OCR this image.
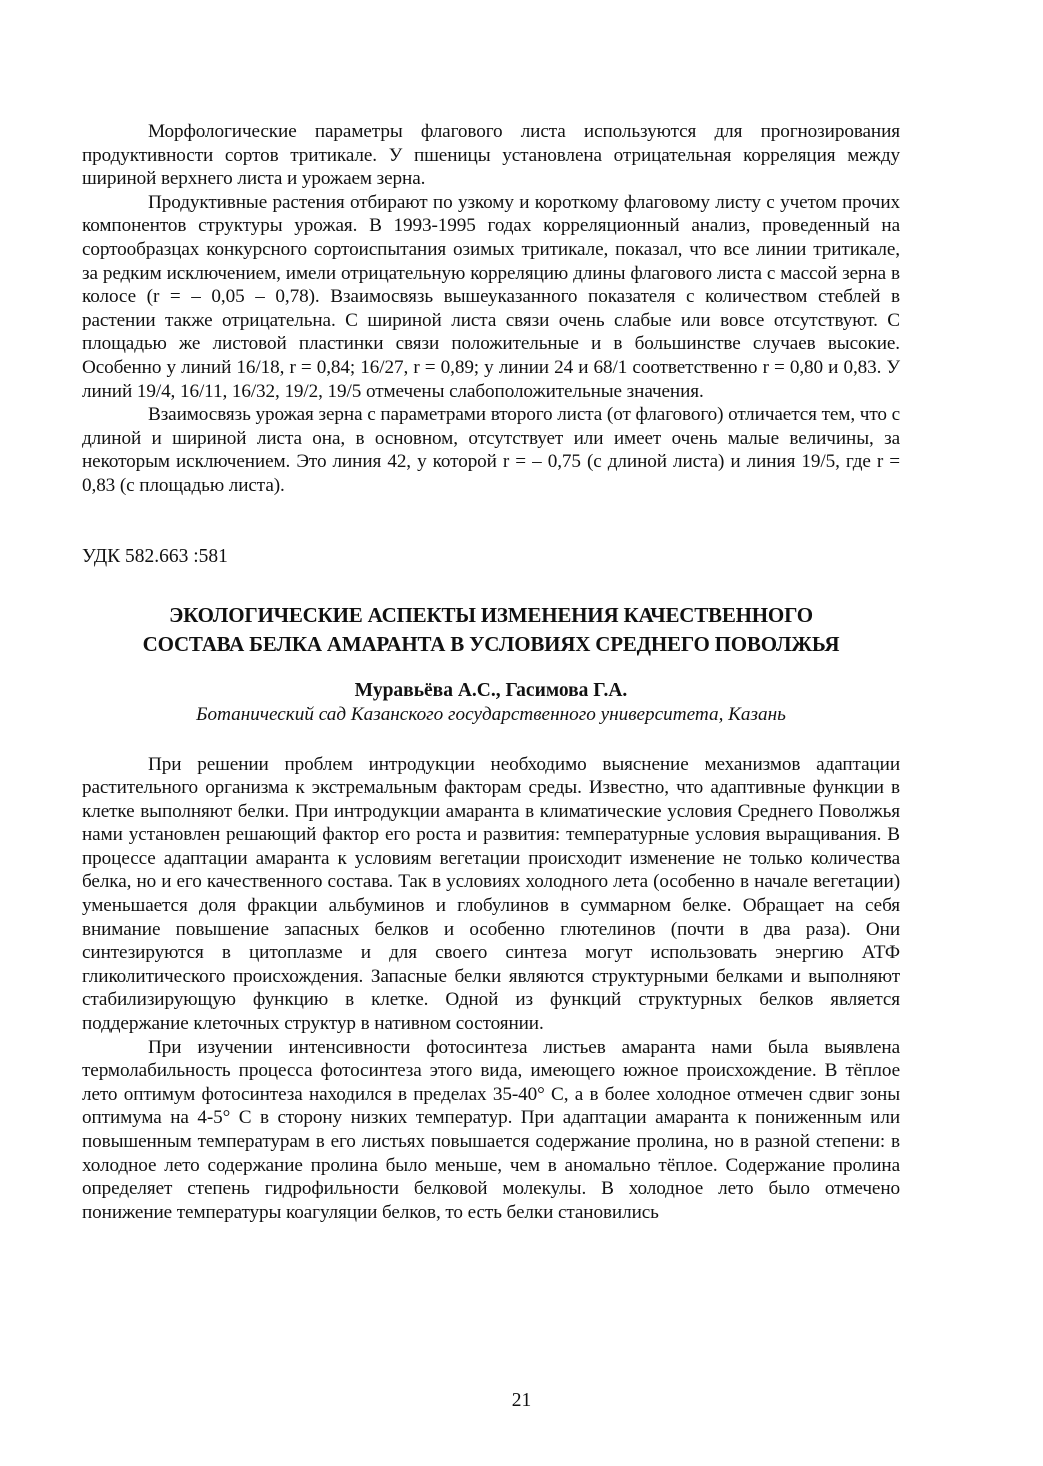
Морфологические параметры флагового листа используются для прогнозирования продуктивности сортов тритикале. У пшеницы установлена отрицательная корреляция между шириной верхнего листа и урожаем зерна.

Продуктивные растения отбирают по узкому и короткому флаговому листу с учетом прочих компонентов структуры урожая. В 1993-1995 годах корреляционный анализ, проведенный на сортообразцах конкурсного сортоиспытания озимых тритикале, показал, что все линии тритикале, за редким исключением, имели отрицательную корреляцию длины флагового листа с массой зерна в колосе (r = – 0,05 – 0,78). Взаимосвязь вышеуказанного показателя с количеством стеблей в растении также отрицательна. С шириной листа связи очень слабые или вовсе отсутствуют. С площадью же листовой пластинки связи положительные и в большинстве случаев высокие. Особенно у линий 16/18, r = 0,84; 16/27, r = 0,89; у линии 24 и 68/1 соответственно r = 0,80 и 0,83. У линий 19/4, 16/11, 16/32, 19/2, 19/5 отмечены слабоположительные значения.

Взаимосвязь урожая зерна с параметрами второго листа (от флагового) отличается тем, что с длиной и шириной листа она, в основном, отсутствует или имеет очень малые величины, за некоторым исключением. Это линия 42, у которой r = – 0,75 (с длиной листа) и линия 19/5, где r = 0,83 (с площадью листа).

УДК 582.663 :581

ЭКОЛОГИЧЕСКИЕ АСПЕКТЫ ИЗМЕНЕНИЯ КАЧЕСТВЕННОГО
СОСТАВА БЕЛКА АМАРАНТА В УСЛОВИЯХ СРЕДНЕГО ПОВОЛЖЬЯ

Муравьёва А.С., Гасимова Г.А.

Ботанический сад Казанского государственного университета, Казань

При решении проблем интродукции необходимо выяснение механизмов адаптации растительного организма к экстремальным факторам среды. Известно, что адаптивные функции в клетке выполняют белки. При интродукции амаранта в климатические условия Среднего Поволжья нами установлен решающий фактор его роста и развития: температурные условия выращивания. В процессе адаптации амаранта к условиям вегетации происходит изменение не только количества белка, но и его качественного состава. Так в условиях холодного лета (особенно в начале вегетации) уменьшается доля фракции альбуминов и глобулинов в суммарном белке. Обращает на себя внимание повышение запасных белков и особенно глютелинов (почти в два раза). Они синтезируются в цитоплазме и для своего синтеза могут использовать энергию АТФ гликолитического происхождения. Запасные белки являются структурными белками и выполняют стабилизирующую функцию в клетке. Одной из функций структурных белков является поддержание клеточных структур в нативном состоянии.

При изучении интенсивности фотосинтеза листьев амаранта нами была выявлена термолабильность процесса фотосинтеза этого вида, имеющего южное происхождение. В тёплое лето оптимум фотосинтеза находился в пределах 35-40° С, а в более холодное отмечен сдвиг зоны оптимума на 4-5° С в сторону низких температур. При адаптации амаранта к пониженным или повышенным температурам в его листьях повышается содержание пролина, но в разной степени: в холодное лето содержание пролина было меньше, чем в аномально тёплое. Содержание пролина определяет степень гидрофильности белковой молекулы. В холодное лето было отмечено понижение температуры коагуляции белков, то есть белки становились

21
